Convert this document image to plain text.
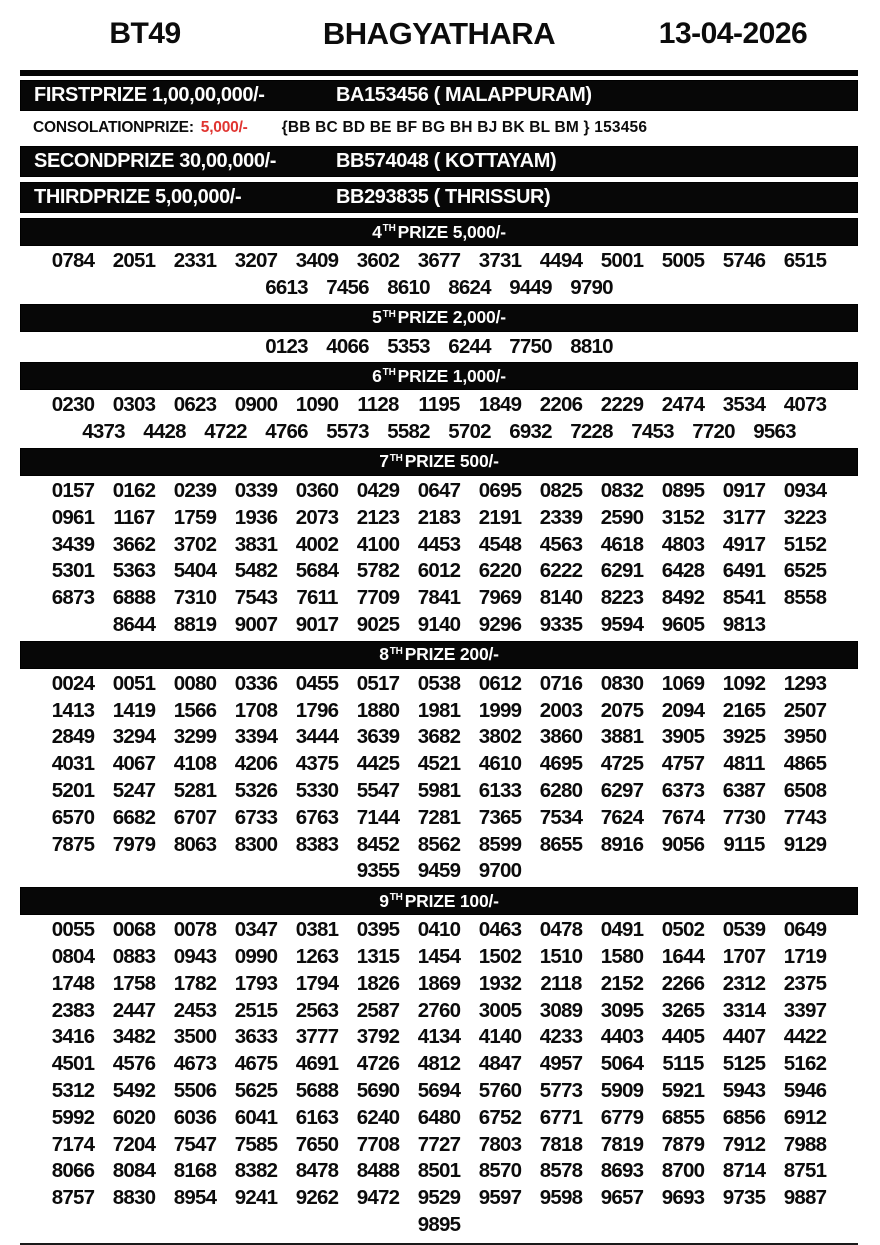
BT49	BHAGYATHARA	13-04-2026
FIRSTPRIZE 1,00,00,000/-	BA153456 ( MALAPPURAM)
CONSOLATIONPRIZE: 5,000/- {BB BC BD BE BF BG BH BJ BK BL BM } 153456
SECONDPRIZE 30,00,000/-	BB574048 ( KOTTAYAM)
THIRDPRIZE 5,00,000/-	BB293835 ( THRISSUR)
4 TH PRIZE 5,000/-
0784 2051 2331 3207 3409 3602 3677 3731 4494 5001 5005 5746 6515
6613 7456 8610 8624 9449 9790
5 TH PRIZE 2,000/-
0123 4066 5353 6244 7750 8810
6 TH PRIZE 1,000/-
0230 0303 0623 0900 1090 1128 1195 1849 2206 2229 2474 3534 4073
4373 4428 4722 4766 5573 5582 5702 6932 7228 7453 7720 9563
7 TH PRIZE 500/-
0157 0162 0239 0339 0360 0429 0647 0695 0825 0832 0895 0917 0934
0961 1167 1759 1936 2073 2123 2183 2191 2339 2590 3152 3177 3223
3439 3662 3702 3831 4002 4100 4453 4548 4563 4618 4803 4917 5152
5301 5363 5404 5482 5684 5782 6012 6220 6222 6291 6428 6491 6525
6873 6888 7310 7543 7611 7709 7841 7969 8140 8223 8492 8541 8558
8644 8819 9007 9017 9025 9140 9296 9335 9594 9605 9813
8 TH PRIZE 200/-
0024 0051 0080 0336 0455 0517 0538 0612 0716 0830 1069 1092 1293
1413 1419 1566 1708 1796 1880 1981 1999 2003 2075 2094 2165 2507
2849 3294 3299 3394 3444 3639 3682 3802 3860 3881 3905 3925 3950
4031 4067 4108 4206 4375 4425 4521 4610 4695 4725 4757 4811 4865
5201 5247 5281 5326 5330 5547 5981 6133 6280 6297 6373 6387 6508
6570 6682 6707 6733 6763 7144 7281 7365 7534 7624 7674 7730 7743
7875 7979 8063 8300 8383 8452 8562 8599 8655 8916 9056 9115 9129
9355 9459 9700
9 TH PRIZE 100/-
0055 0068 0078 0347 0381 0395 0410 0463 0478 0491 0502 0539 0649
0804 0883 0943 0990 1263 1315 1454 1502 1510 1580 1644 1707 1719
1748 1758 1782 1793 1794 1826 1869 1932 2118 2152 2266 2312 2375
2383 2447 2453 2515 2563 2587 2760 3005 3089 3095 3265 3314 3397
3416 3482 3500 3633 3777 3792 4134 4140 4233 4403 4405 4407 4422
4501 4576 4673 4675 4691 4726 4812 4847 4957 5064 5115 5125 5162
5312 5492 5506 5625 5688 5690 5694 5760 5773 5909 5921 5943 5946
5992 6020 6036 6041 6163 6240 6480 6752 6771 6779 6855 6856 6912
7174 7204 7547 7585 7650 7708 7727 7803 7818 7819 7879 7912 7988
8066 8084 8168 8382 8478 8488 8501 8570 8578 8693 8700 8714 8751
8757 8830 8954 9241 9262 9472 9529 9597 9598 9657 9693 9735 9887
9895
